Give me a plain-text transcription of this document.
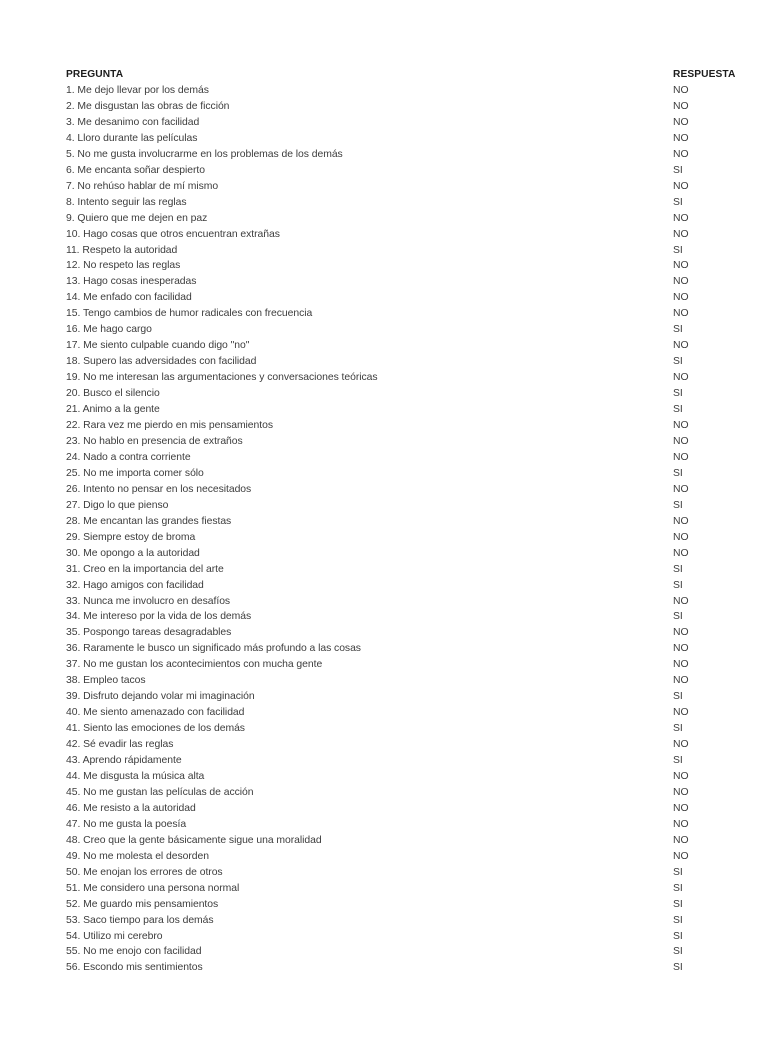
PREGUNTA	RESPUESTA
1. Me dejo llevar por los demás	NO
2. Me disgustan las obras de ficción	NO
3. Me desanimo con facilidad	NO
4. Lloro durante las películas	NO
5. No me gusta involucrarme en los problemas de los demás	NO
6. Me encanta soñar despierto	SI
7. No rehúso hablar de mí mismo	NO
8. Intento seguir las reglas	SI
9. Quiero que me dejen en paz	NO
10. Hago cosas que otros encuentran extrañas	NO
11. Respeto la autoridad	SI
12. No respeto las reglas	NO
13. Hago cosas inesperadas	NO
14. Me enfado con facilidad	NO
15. Tengo cambios de humor radicales con frecuencia	NO
16. Me hago cargo	SI
17. Me siento culpable cuando digo "no"	NO
18. Supero las adversidades con facilidad	SI
19. No me interesan las argumentaciones y conversaciones teóricas	NO
20. Busco el silencio	SI
21. Animo a la gente	SI
22. Rara vez me pierdo en mis pensamientos	NO
23. No hablo en presencia de extraños	NO
24. Nado a contra corriente	NO
25. No me importa comer sólo	SI
26. Intento no pensar en los necesitados	NO
27. Digo lo que pienso	SI
28. Me encantan las grandes fiestas	NO
29. Siempre estoy de broma	NO
30. Me opongo a la autoridad	NO
31. Creo en la importancia del arte	SI
32. Hago amigos con facilidad	SI
33. Nunca me involucro en desafíos	NO
34. Me intereso por la vida de los demás	SI
35. Pospongo tareas desagradables	NO
36. Raramente le busco un significado más profundo a las cosas	NO
37. No me gustan los acontecimientos con mucha gente	NO
38. Empleo tacos	NO
39. Disfruto dejando volar mi imaginación	SI
40. Me siento amenazado con facilidad	NO
41. Siento las emociones de los demás	SI
42. Sé evadir las reglas	NO
43. Aprendo rápidamente	SI
44. Me disgusta la música alta	NO
45. No me gustan las películas de acción	NO
46. Me resisto a la autoridad	NO
47. No me gusta la poesía	NO
48. Creo que la gente básicamente sigue una moralidad	NO
49. No me molesta el desorden	NO
50. Me enojan los errores de otros	SI
51. Me considero una persona normal	SI
52. Me guardo mis pensamientos	SI
53. Saco tiempo para los demás	SI
54. Utilizo mi cerebro	SI
55. No me enojo con facilidad	SI
56. Escondo mis sentimientos	SI
